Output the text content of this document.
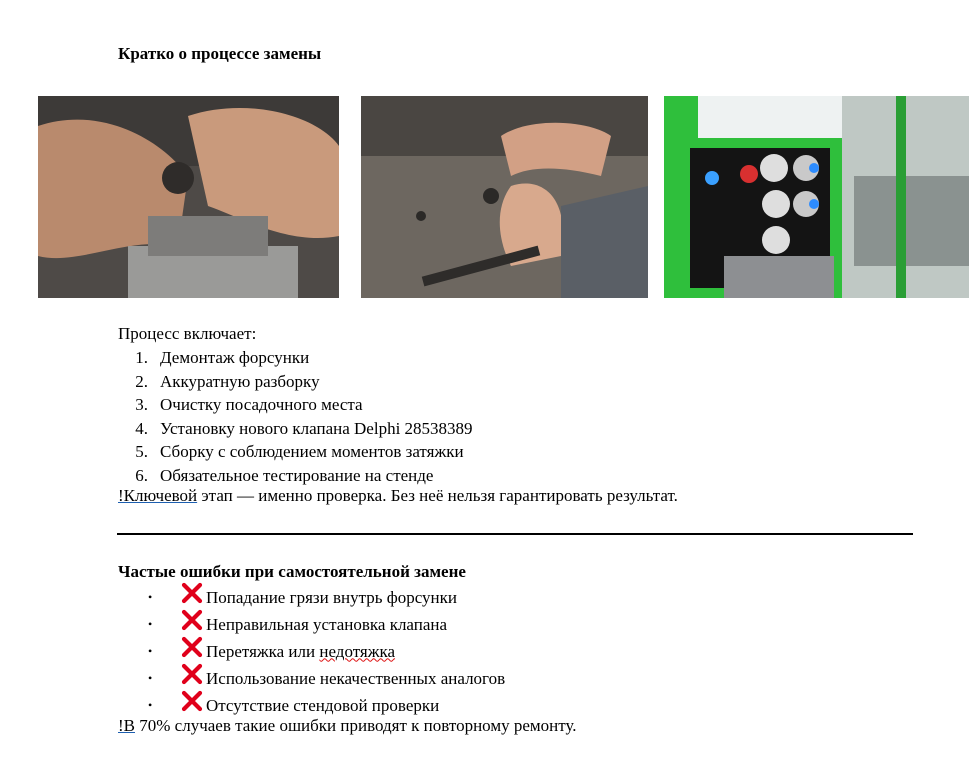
Кратко о процессе замены
Процесс включает:
1. Демонтаж форсунки
2. Аккуратную разборку
3. Очистку посадочного места
4. Установку нового клапана Delphi 28538389
5. Сборку с соблюдением моментов затяжки
6. Обязательное тестирование на стенде
!Ключевой этап — именно проверка. Без неё нельзя гарантировать результат.
Частые ошибки при самостоятельной замене
•	Попадание грязи внутрь форсунки
•	Неправильная установка клапана
•	Перетяжка или недотяжка
•	Использование некачественных аналогов
•	Отсутствие стендовой проверки
!В 70% случаев такие ошибки приводят к повторному ремонту.
